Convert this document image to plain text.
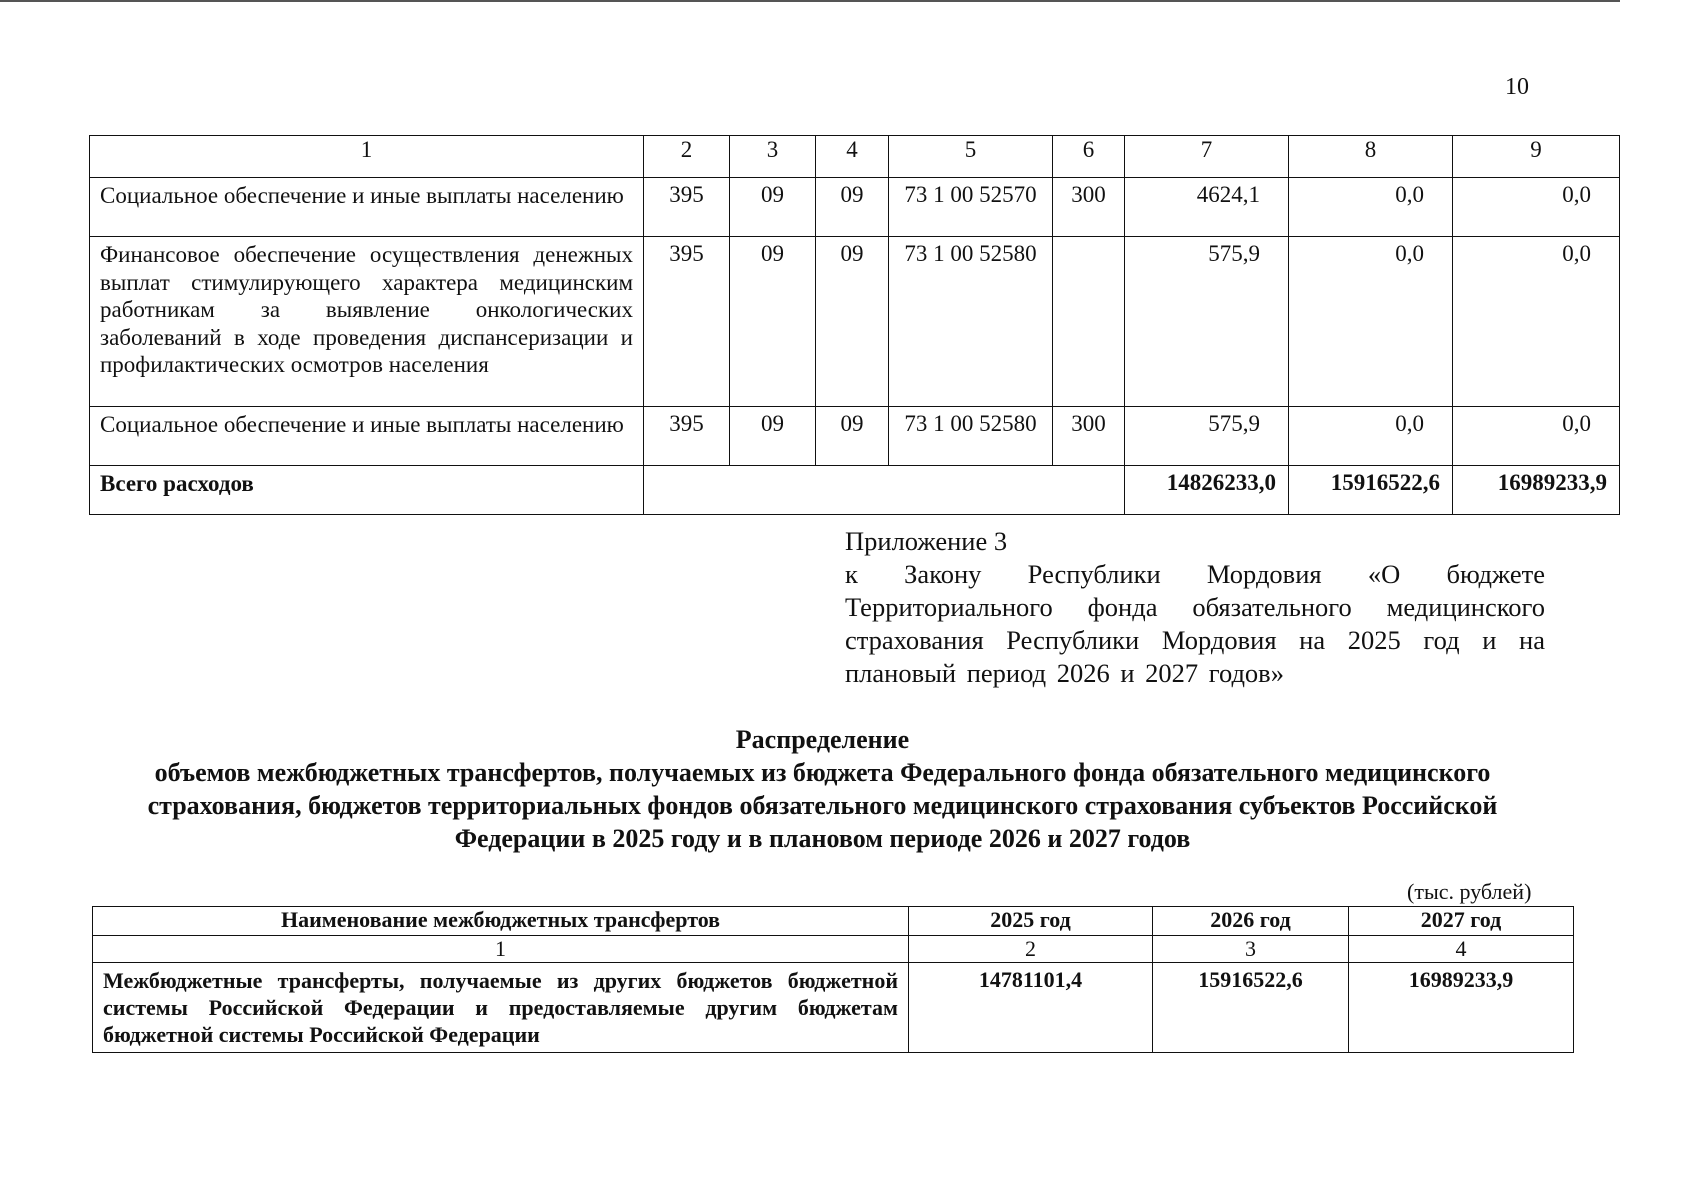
10
1	2	3	4	5	6	7	8	9
Социальное обеспечение и иные выплаты населению	395	09	09	73 1 00 52570	300	4624,1	0,0	0,0
Финансовое обеспечение осуществления денежных выплат стимулирующего характера медицинским работникам за выявление онкологических заболеваний в ходе проведения диспансеризации и профилактических осмотров населения	395	09	09	73 1 00 52580		575,9	0,0	0,0
Социальное обеспечение и иные выплаты населению	395	09	09	73 1 00 52580	300	575,9	0,0	0,0
Всего расходов						14826233,0	15916522,6	16989233,9
Приложение 3
к Закону Республики Мордовия «О бюджете Территориального фонда обязательного медицинского страхования Республики Мордовия на 2025 год и на плановый период 2026 и 2027 годов»
Распределение
объемов межбюджетных трансфертов, получаемых из бюджета Федерального фонда обязательного медицинского страхования, бюджетов территориальных фондов обязательного медицинского страхования субъектов Российской Федерации в 2025 году и в плановом периоде 2026 и 2027 годов
(тыс. рублей)
Наименование межбюджетных трансфертов	2025 год	2026 год	2027 год
1	2	3	4
Межбюджетные трансферты, получаемые из других бюджетов бюджетной системы Российской Федерации и предоставляемые другим бюджетам бюджетной системы Российской Федерации	14781101,4	15916522,6	16989233,9
